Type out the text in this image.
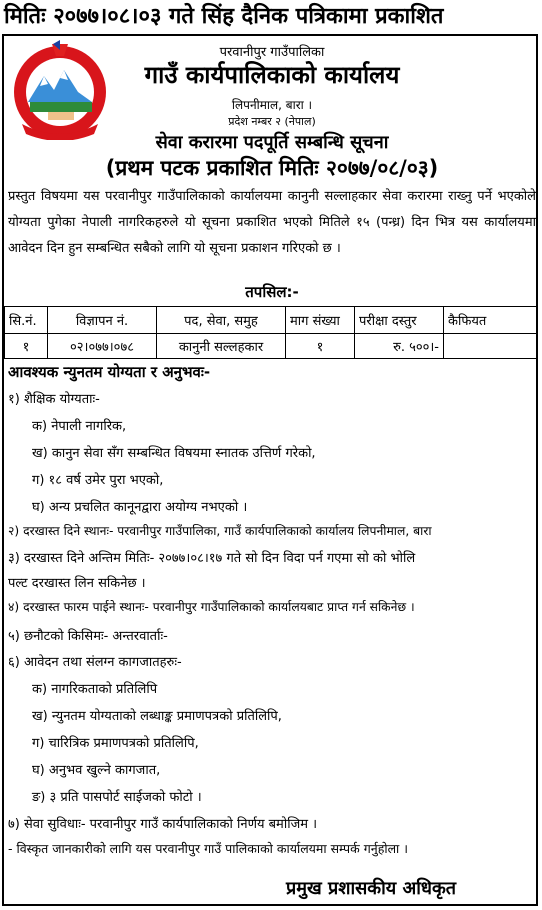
मितिः २०७७।०८।०३ गते सिंह दैनिक पत्रिकामा प्रकाशित
परवानीपुर गाउँपालिका
गाउँ कार्यपालिकाको कार्यालय
लिपनीमाल, बारा ।
प्रदेश नम्बर २ (नेपाल)
सेवा करारमा पदपूर्ति सम्बन्धि सूचना
(प्रथम पटक प्रकाशित मितिः २०७७/०८/०३)
प्रस्तुत विषयमा यस परवानीपुर गाउँपालिकाको कार्यालयमा कानुनी सल्लाहकार सेवा करारमा राख्नु पर्ने भएकोले योग्यता पुगेका नेपाली नागरिकहरुले यो सूचना प्रकाशित भएको मितिले १५ (पन्ध्र) दिन भित्र यस कार्यालयमा आवेदन दिन हुन सम्बन्धित सबैको लागि यो सूचना प्रकाशन गरिएको छ ।
तपसिल:-
सि.नं.	विज्ञापन नं.	पद, सेवा, समुह	माग संख्या	परीक्षा दस्तुर	कैफियत
१	०२।०७७।०७८	कानुनी सल्लहकार	१	रु. ५००।-	
आवश्यक न्युनतम योग्यता र अनुभवः-
१) शैक्षिक योग्यताः-
क) नेपाली नागरिक,
ख) कानुन सेवा सँग सम्बन्धित विषयमा स्नातक उत्तिर्ण गरेको,
ग) १८ वर्ष उमेर पुरा भएको,
घ) अन्य प्रचलित कानूनद्वारा अयोग्य नभएको ।
२) दरखास्त दिने स्थानः- परवानीपुर गाउँपालिका, गाउँ कार्यपालिकाको कार्यालय लिपनीमाल, बारा
३) दरखास्त दिने अन्तिम मितिः- २०७७।०८।१७ गते सो दिन विदा पर्न गएमा सो को भोलि
पल्ट दरखास्त लिन सकिनेछ ।
४) दरखास्त फारम पाईने स्थानः- परवानीपुर गाउँपालिकाको कार्यालयबाट प्राप्त गर्न सकिनेछ ।
५) छनौटको किसिमः- अन्तरवार्ताः-
६) आवेदन तथा संलग्न कागजातहरुः-
क) नागरिकताको प्रतिलिपि
ख) न्युनतम योग्यताको लब्धाङ्क प्रमाणपत्रको प्रतिलिपि,
ग) चारित्रिक प्रमाणपत्रको प्रतिलिपि,
घ) अनुभव खुल्ने कागजात,
ङ) ३ प्रति पासपोर्ट साईजको फोटो ।
७) सेवा सुविधाः- परवानीपुर गाउँ कार्यपालिकाको निर्णय बमोजिम ।
- विस्कृत जानकारीको लागि यस परवानीपुर गाउँ पालिकाको कार्यालयमा सम्पर्क गर्नुहोला ।
प्रमुख प्रशासकीय अधिकृत
